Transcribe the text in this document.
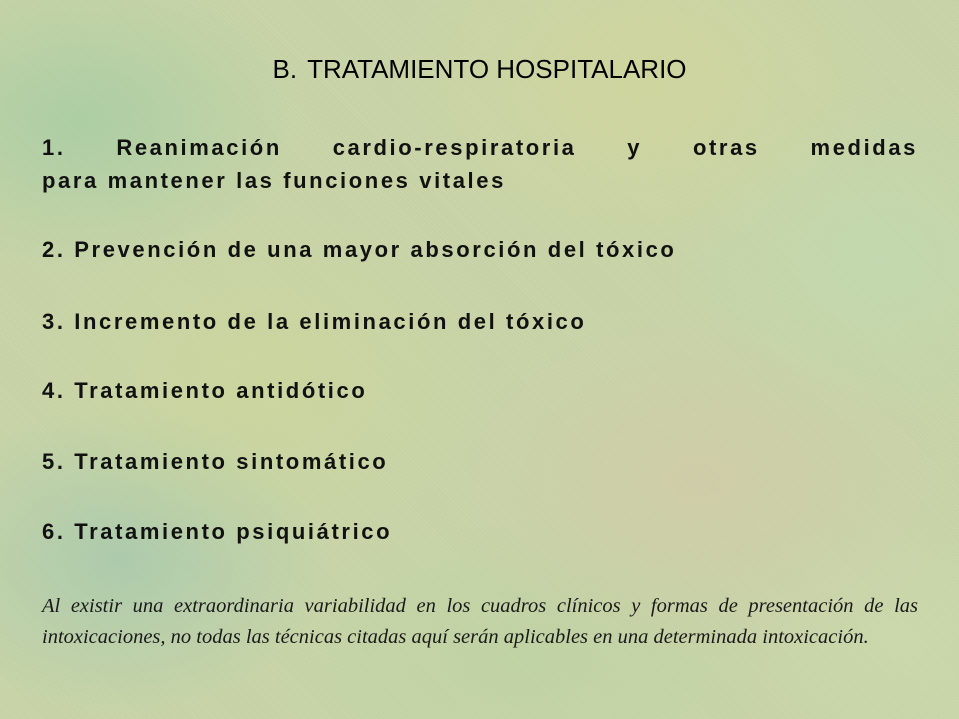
B. TRATAMIENTO HOSPITALARIO

1. Reanimación cardio-respiratoria y otras medidas
para mantener las funciones vitales

2. Prevención de una mayor absorción del tóxico

3. Incremento de la eliminación del tóxico

4. Tratamiento antidótico

5. Tratamiento sintomático

6. Tratamiento psiquiátrico

Al existir una extraordinaria variabilidad en los cuadros clínicos y formas de presentación de las intoxicaciones, no todas las técnicas citadas aquí serán aplicables en una determinada intoxicación.
